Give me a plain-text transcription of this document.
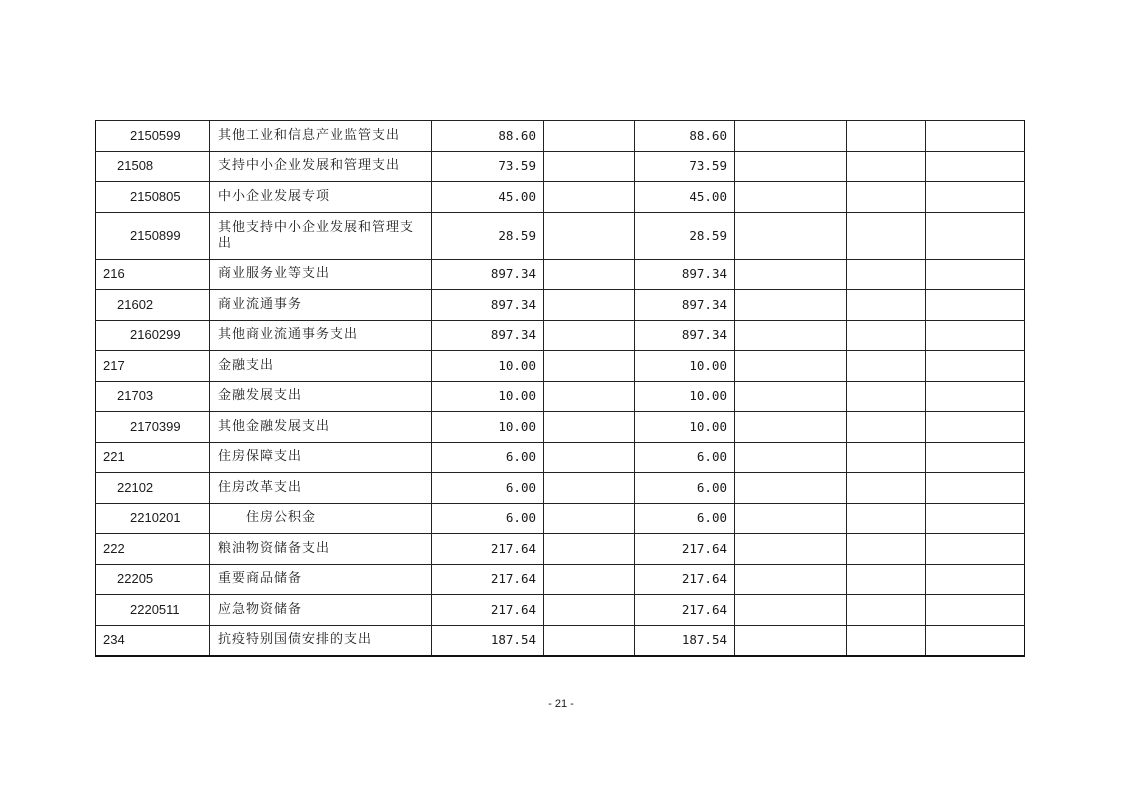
2150599	其他工业和信息产业监管支出	88.60		88.60			
21508	支持中小企业发展和管理支出	73.59		73.59			
2150805	中小企业发展专项	45.00		45.00			
2150899	其他支持中小企业发展和管理支出	28.59		28.59			
216	商业服务业等支出	897.34		897.34			
21602	商业流通事务	897.34		897.34			
2160299	其他商业流通事务支出	897.34		897.34			
217	金融支出	10.00		10.00			
21703	金融发展支出	10.00		10.00			
2170399	其他金融发展支出	10.00		10.00			
221	住房保障支出	6.00		6.00			
22102	住房改革支出	6.00		6.00			
2210201	住房公积金	6.00		6.00			
222	粮油物资储备支出	217.64		217.64			
22205	重要商品储备	217.64		217.64			
2220511	应急物资储备	217.64		217.64			
234	抗疫特别国债安排的支出	187.54		187.54			
- 21 -
